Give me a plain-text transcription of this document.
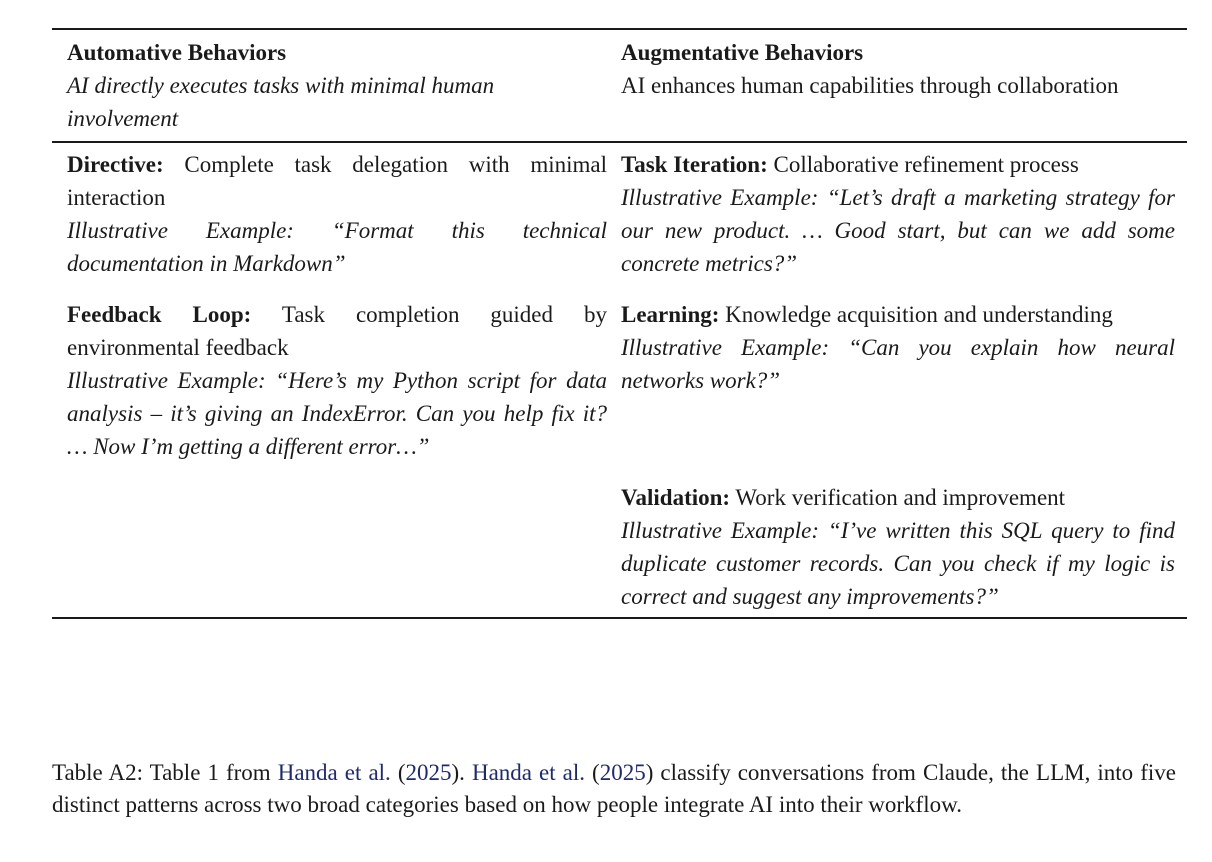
Automative Behaviors
AI directly executes tasks with minimal human involvement
Augmentative Behaviors
AI enhances human capabilities through collaboration
Directive: Complete task delegation with minimal interaction
Illustrative Example: “Format this technical documentation in Markdown”
Feedback Loop: Task completion guided by environmental feedback
Illustrative Example: “Here’s my Python script for data analysis – it’s giving an IndexError. Can you help fix it? … Now I’m getting a different error…”
Task Iteration: Collaborative refinement process
Illustrative Example: “Let’s draft a marketing strategy for our new product. … Good start, but can we add some concrete metrics?”
Learning: Knowledge acquisition and understanding
Illustrative Example: “Can you explain how neural networks work?”
Validation: Work verification and improvement
Illustrative Example: “I’ve written this SQL query to find duplicate customer records. Can you check if my logic is correct and suggest any improvements?”
Table A2: Table 1 from Handa et al. (2025). Handa et al. (2025) classify conversations from Claude, the LLM, into five distinct patterns across two broad categories based on how people integrate AI into their workflow.
